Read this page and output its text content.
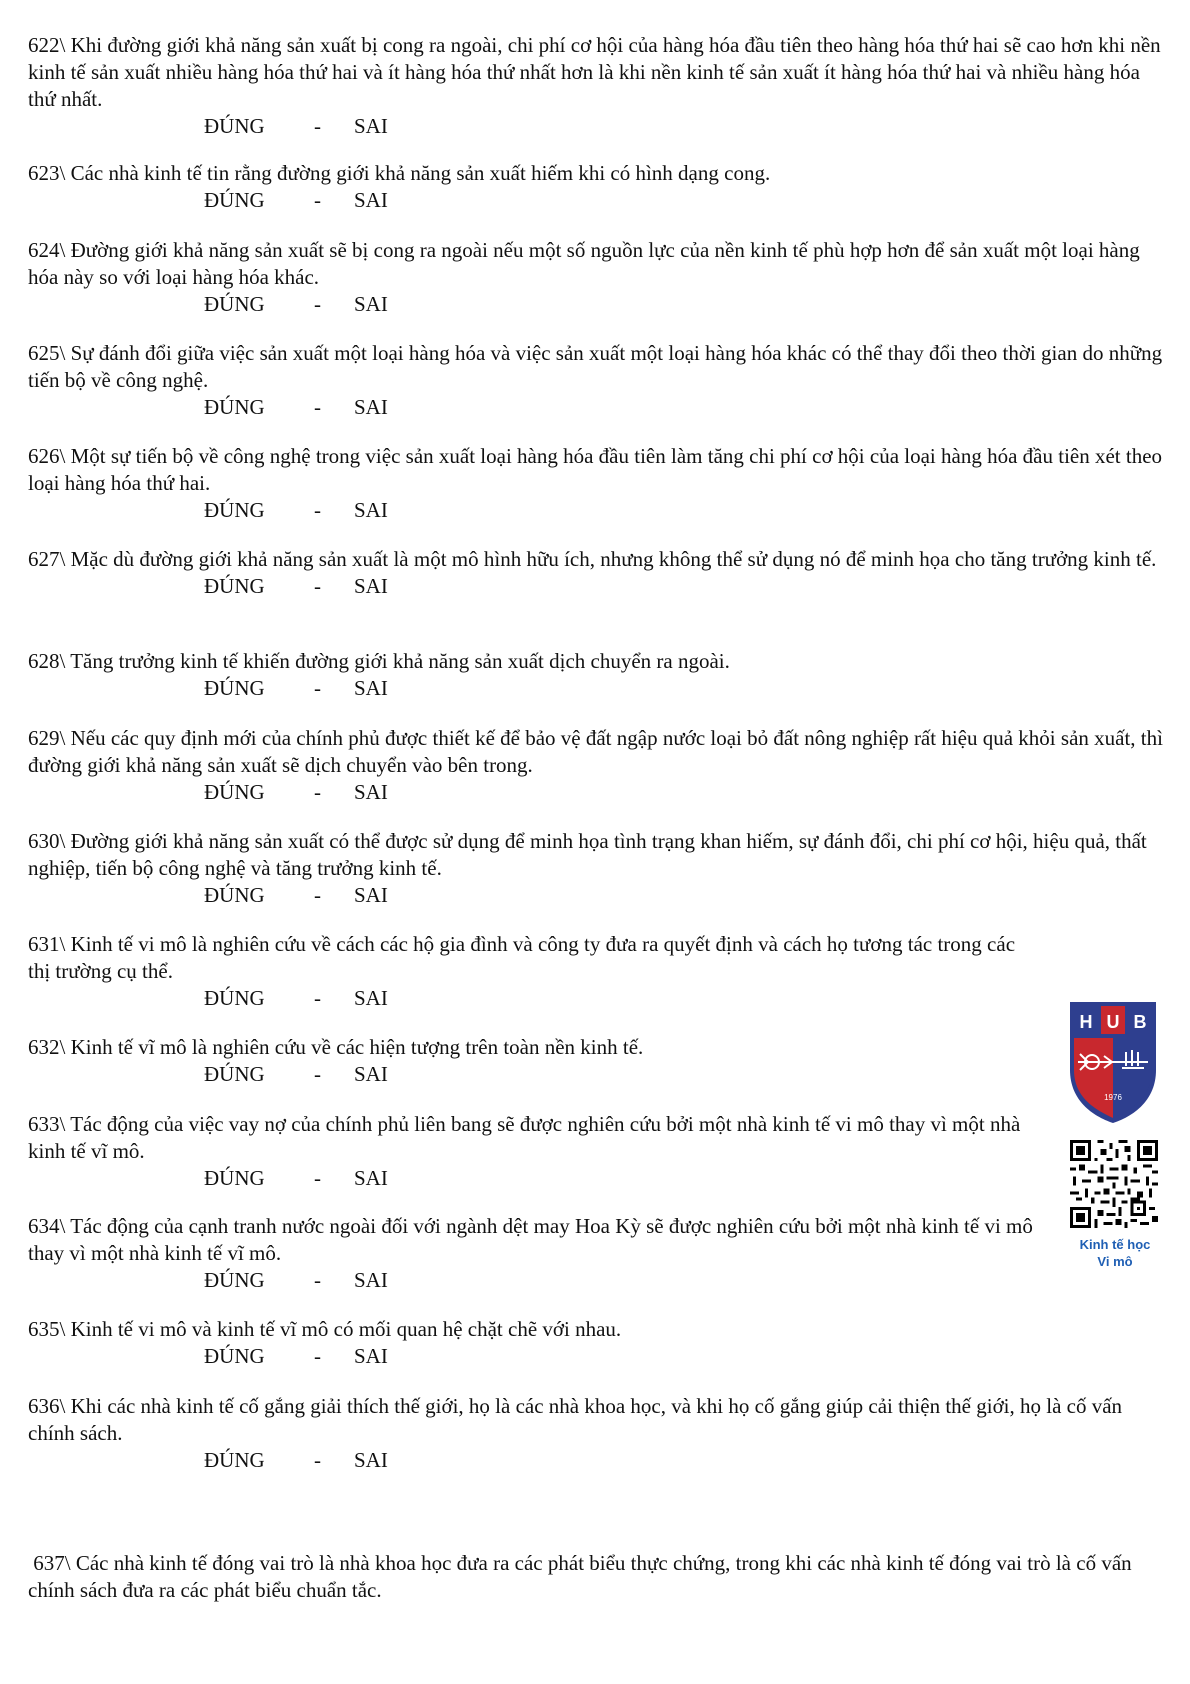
622\ Khi đường giới khả năng sản xuất bị cong ra ngoài, chi phí cơ hội của hàng hóa đầu tiên theo hàng hóa thứ hai sẽ cao hơn khi nền kinh tế sản xuất nhiều hàng hóa thứ hai và ít hàng hóa thứ nhất hơn là khi nền kinh tế sản xuất ít hàng hóa thứ hai và nhiều hàng hóa thứ nhất.

ĐÚNG - SAI

623\ Các nhà kinh tế tin rằng đường giới khả năng sản xuất hiếm khi có hình dạng cong.

ĐÚNG - SAI

624\ Đường giới khả năng sản xuất sẽ bị cong ra ngoài nếu một số nguồn lực của nền kinh tế phù hợp hơn để sản xuất một loại hàng hóa này so với loại hàng hóa khác.

ĐÚNG - SAI

625\ Sự đánh đổi giữa việc sản xuất một loại hàng hóa và việc sản xuất một loại hàng hóa khác có thể thay đổi theo thời gian do những tiến bộ về công nghệ.

ĐÚNG - SAI

626\ Một sự tiến bộ về công nghệ trong việc sản xuất loại hàng hóa đầu tiên làm tăng chi phí cơ hội của loại hàng hóa đầu tiên xét theo loại hàng hóa thứ hai.

ĐÚNG - SAI

627\ Mặc dù đường giới khả năng sản xuất là một mô hình hữu ích, nhưng không thể sử dụng nó để minh họa cho tăng trưởng kinh tế.

ĐÚNG - SAI

628\ Tăng trưởng kinh tế khiến đường giới khả năng sản xuất dịch chuyển ra ngoài.

ĐÚNG - SAI

629\ Nếu các quy định mới của chính phủ được thiết kế để bảo vệ đất ngập nước loại bỏ đất nông nghiệp rất hiệu quả khỏi sản xuất, thì đường giới khả năng sản xuất sẽ dịch chuyển vào bên trong.

ĐÚNG - SAI

630\ Đường giới khả năng sản xuất có thể được sử dụng để minh họa tình trạng khan hiếm, sự đánh đổi, chi phí cơ hội, hiệu quả, thất nghiệp, tiến bộ công nghệ và tăng trưởng kinh tế.

ĐÚNG - SAI

631\ Kinh tế vi mô là nghiên cứu về cách các hộ gia đình và công ty đưa ra quyết định và cách họ tương tác trong các thị trường cụ thể.

ĐÚNG - SAI

632\ Kinh tế vĩ mô là nghiên cứu về các hiện tượng trên toàn nền kinh tế.

ĐÚNG - SAI

633\ Tác động của việc vay nợ của chính phủ liên bang sẽ được nghiên cứu bởi một nhà kinh tế vi mô thay vì một nhà kinh tế vĩ mô.

ĐÚNG - SAI

634\ Tác động của cạnh tranh nước ngoài đối với ngành dệt may Hoa Kỳ sẽ được nghiên cứu bởi một nhà kinh tế vi mô thay vì một nhà kinh tế vĩ mô.

ĐÚNG - SAI

635\ Kinh tế vi mô và kinh tế vĩ mô có mối quan hệ chặt chẽ với nhau.

ĐÚNG - SAI

636\ Khi các nhà kinh tế cố gắng giải thích thế giới, họ là các nhà khoa học, và khi họ cố gắng giúp cải thiện thế giới, họ là cố vấn chính sách.

ĐÚNG - SAI

637\ Các nhà kinh tế đóng vai trò là nhà khoa học đưa ra các phát biểu thực chứng, trong khi các nhà kinh tế đóng vai trò là cố vấn chính sách đưa ra các phát biểu chuẩn tắc.

H U B
1976
Kinh tế học
Vi mô
